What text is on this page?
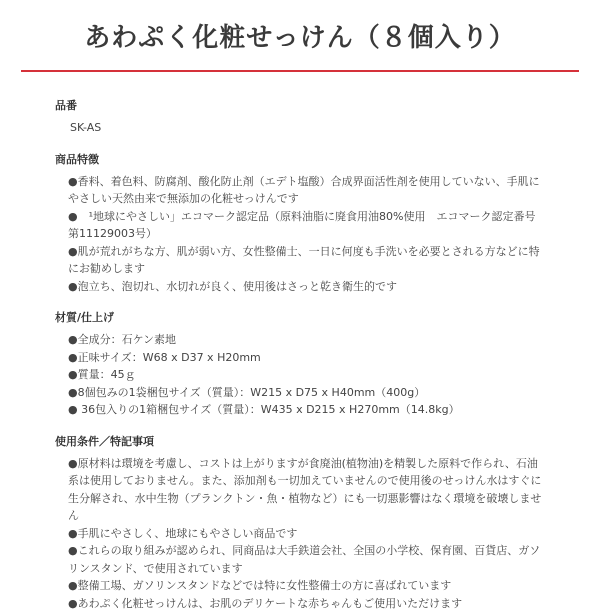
あわぷく化粧せっけん（８個入り）
品番

SK-AS

商品特徴

●香料、着色料、防腐剤、酸化防止剤（エデト塩酸）合成界面活性剤を使用していない、手肌にやさしい天然由来で無添加の化粧せっけんです

●　¹地球にやさしい」エコマーク認定品（原料油脂に廃食用油80%使用　エコマーク認定番号第11129003号）

●肌が荒れがちな方、肌が弱い方、女性整備士、一日に何度も手洗いを必要とされる方などに特にお勧めします

●泡立ち、泡切れ、水切れが良く、使用後はさっと乾き衛生的です

材質/仕上げ

●全成分：石ケン素地

●正味サイズ：W68 x D37 x H20mm

●質量：45ｇ

●8個包みの1袋梱包サイズ（質量）：W215 x D75 x H40mm（400g）

● 36包入りの1箱梱包サイズ（質量）：W435 x D215 x H270mm（14.8kg）

使用条件／特記事項

●原材料は環境を考慮し、コストは上がりますが食廃油(植物油)を精製した原料で作られ、石油系は使用しておりません。また、添加剤も一切加えていませんので使用後のせっけん水はすぐに生分解され、水中生物（プランクトン・魚・植物など）にも一切悪影響はなく環境を破壊しません

●手肌にやさしく、地球にもやさしい商品です

●これらの取り組みが認められ、同商品は大手鉄道会社、全国の小学校、保育園、百貨店、ガソリンスタンド、で使用されています

●整備工場、ガソリンスタンドなどでは特に女性整備士の方に喜ばれています

●あわぷく化粧せっけんは、お肌のデリケートな赤ちゃんもご使用いただけます
